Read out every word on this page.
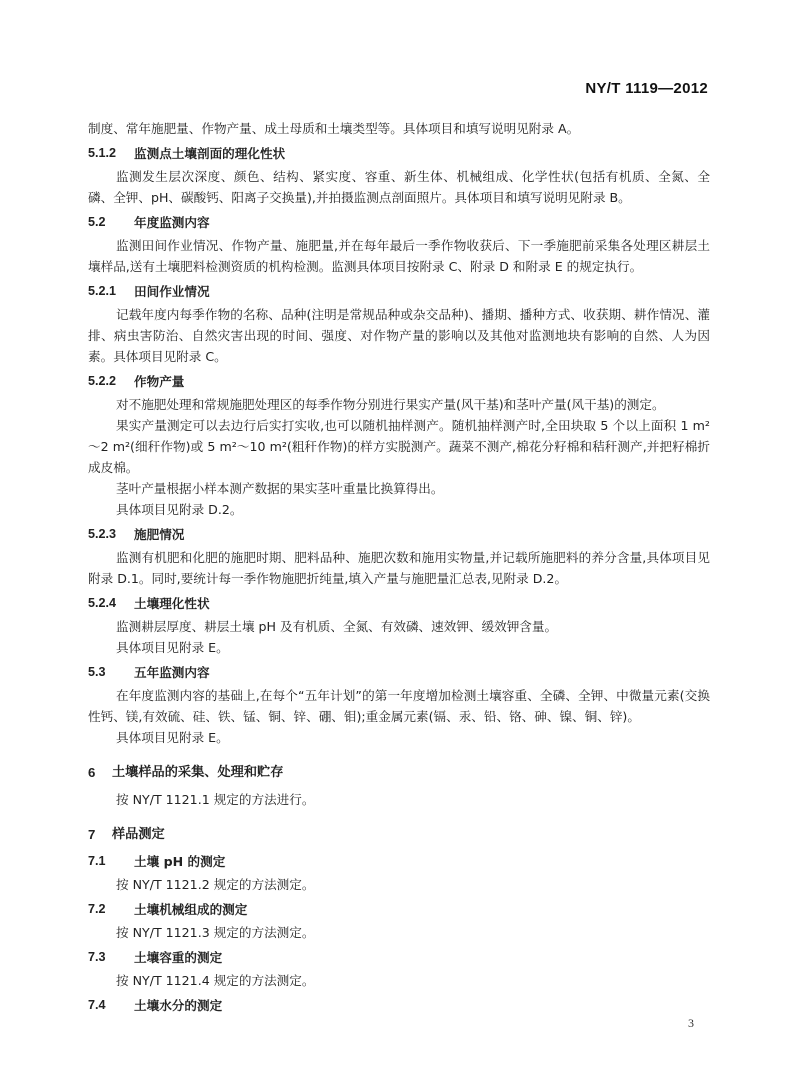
NY/T 1119—2012

制度、常年施肥量、作物产量、成土母质和土壤类型等。具体项目和填写说明见附录 A。

5.1.2	监测点土壤剖面的理化性状

监测发生层次深度、颜色、结构、紧实度、容重、新生体、机械组成、化学性状(包括有机质、全氮、全磷、全钾、pH、碳酸钙、阳离子交换量),并拍摄监测点剖面照片。具体项目和填写说明见附录 B。

5.2	年度监测内容

监测田间作业情况、作物产量、施肥量,并在每年最后一季作物收获后、下一季施肥前采集各处理区耕层土壤样品,送有土壤肥料检测资质的机构检测。监测具体项目按附录 C、附录 D 和附录 E 的规定执行。

5.2.1	田间作业情况

记载年度内每季作物的名称、品种(注明是常规品种或杂交品种)、播期、播种方式、收获期、耕作情况、灌排、病虫害防治、自然灾害出现的时间、强度、对作物产量的影响以及其他对监测地块有影响的自然、人为因素。具体项目见附录 C。

5.2.2	作物产量

对不施肥处理和常规施肥处理区的每季作物分别进行果实产量(风干基)和茎叶产量(风干基)的测定。

果实产量测定可以去边行后实打实收,也可以随机抽样测产。随机抽样测产时,全田块取 5 个以上面积 1 m²～2 m²(细秆作物)或 5 m²～10 m²(粗秆作物)的样方实脱测产。蔬菜不测产,棉花分籽棉和秸秆测产,并把籽棉折成皮棉。

茎叶产量根据小样本测产数据的果实茎叶重量比换算得出。

具体项目见附录 D.2。

5.2.3	施肥情况

监测有机肥和化肥的施肥时期、肥料品种、施肥次数和施用实物量,并记载所施肥料的养分含量,具体项目见附录 D.1。同时,要统计每一季作物施肥折纯量,填入产量与施肥量汇总表,见附录 D.2。

5.2.4	土壤理化性状

监测耕层厚度、耕层土壤 pH 及有机质、全氮、有效磷、速效钾、缓效钾含量。

具体项目见附录 E。

5.3	五年监测内容

在年度监测内容的基础上,在每个“五年计划”的第一年度增加检测土壤容重、全磷、全钾、中微量元素(交换性钙、镁,有效硫、硅、铁、锰、铜、锌、硼、钼);重金属元素(镉、汞、铅、铬、砷、镍、铜、锌)。

具体项目见附录 E。

6	土壤样品的采集、处理和贮存

按 NY/T 1121.1 规定的方法进行。

7	样品测定
7.1	土壤 pH 的测定

按 NY/T 1121.2 规定的方法测定。

7.2	土壤机械组成的测定

按 NY/T 1121.3 规定的方法测定。

7.3	土壤容重的测定

按 NY/T 1121.4 规定的方法测定。

7.4	土壤水分的测定
3
